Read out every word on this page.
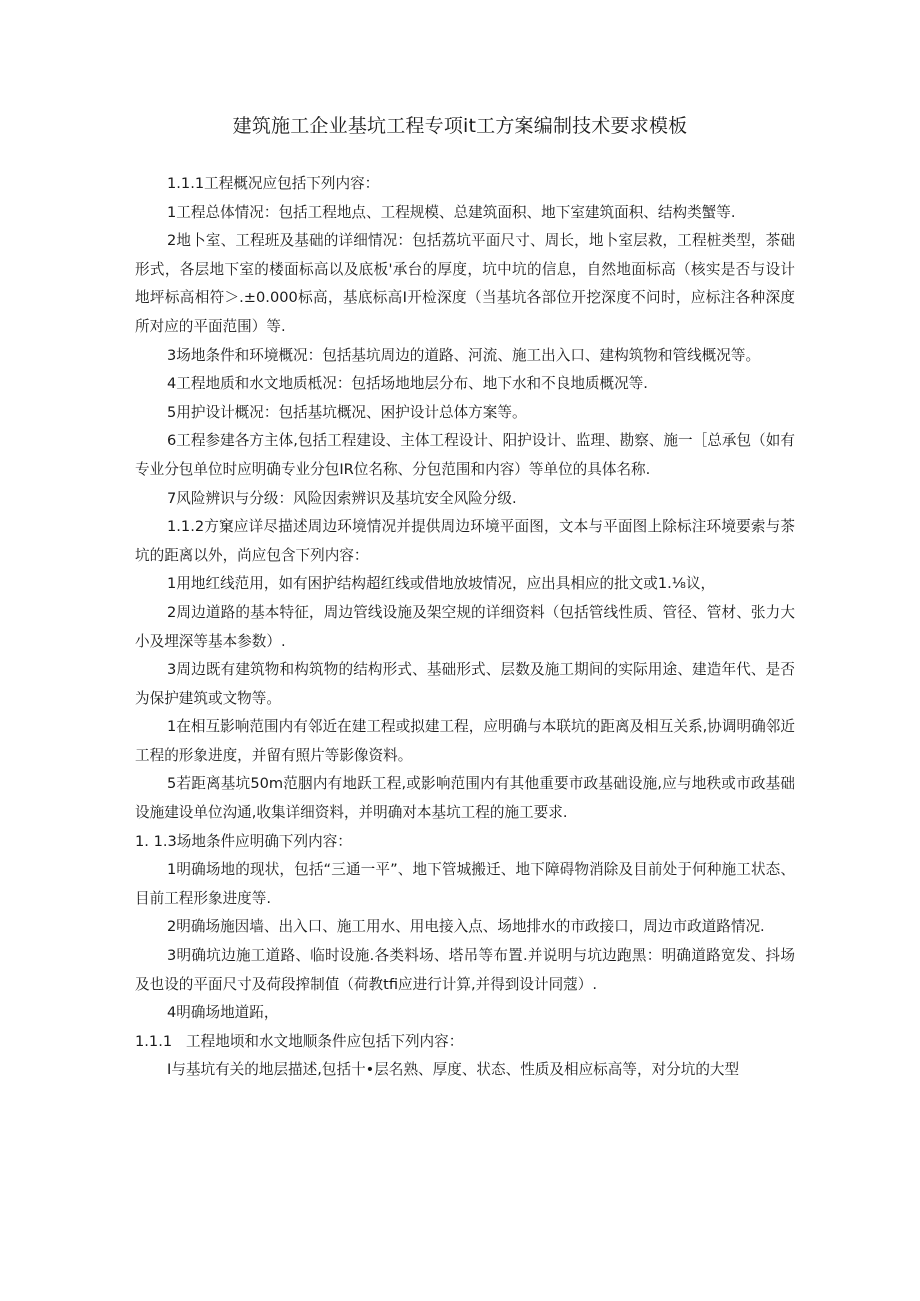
建筑施工企业基坑工程专项it工方案编制技术要求模板

1.1.1工程概况应包括下列内容：

1工程总体情况：包括工程地点、工程规模、总建筑面积、地下室建筑面积、结构类蟹等.

2地卜室、工程班及基础的详细情况：包括荔坑平面尺寸、周长，地卜室层救，工程桩类型，茶础形式，各层地下室的楼面标高以及底板'承台的厚度，坑中坑的信息，自然地面标高（核实是否与设计地坪标高相符＞.±0.000标高，基底标高I开检深度（当基坑各部位开挖深度不问时，应标注各种深度所对应的平面范围）等.

3场地条件和环境概况：包括基坑周边的道路、河流、施工出入口、建构筑物和管线概况等。

4工程地质和水文地质柢况：包括场地地层分布、地下水和不良地质概况等.

5用护设计概况：包括基坑概况、困护设计总体方案等。

6工程参建各方主体,包括工程建设、主体工程设计、阳护设计、监理、勘察、施一［总承包（如有专业分包单位时应明确专业分包IR位名称、分包范围和内容）等单位的具体名称.

7风险辨识与分级：风险因索辨识及基坑安全风险分级.

1.1.2方窠应详尽描述周边环境情况并提供周边环境平面图，文本与平面图上除标注环境要索与茶坑的距离以外，尚应包含下列内容：

1用地红线范用，如有困护结构超红线或借地放坡情况，应出具相应的批文或1.⅛议，

2周边道路的基本特征，周边管线设施及架空规的详细资料（包括管线性质、管径、管材、张力大小及埋深等基本参数）.

3周边既有建筑物和构筑物的结构形式、基础形式、层数及施工期间的实际用途、建造年代、是否为保护建筑或文物等。

1在相互影响范围内有邻近在建工程或拟建工程，应明确与本联坑的距离及相互关系,协调明确邻近工程的形象进度，并留有照片等影像资料。

5若距离基坑50m范胭内有地跃工程,或影响范围内有其他重要市政基础设施,应与地秩或市政基础设施建设单位沟通,收集详细资料，并明确对本基坑工程的施工要求.

1. 1.3场地条件应明确下列内容：

1明确场地的现状，包括“三通一平”、地下管城搬迁、地下障碍物消除及目前处于何种施工状态、目前工程形象进度等.

2明确场施因墙、出入口、施工用水、用电接入点、场地排水的市政接口，周边市政道路情况.

3明确坑边施工道路、临时设施.各类料场、塔吊等布置.并说明与坑边跑黑：明确道路宽发、抖场及也设的平面尺寸及荷段搾制值（荷教tfi应进行计算,并得到设计同蔻）.

4明确场地道跖，

1.1.1   工程地顷和水文地顺条件应包括下列内容：

I与基坑有关的地层描述,包括十•层名熟、厚度、状态、性质及相应标高等，对分坑的大型
